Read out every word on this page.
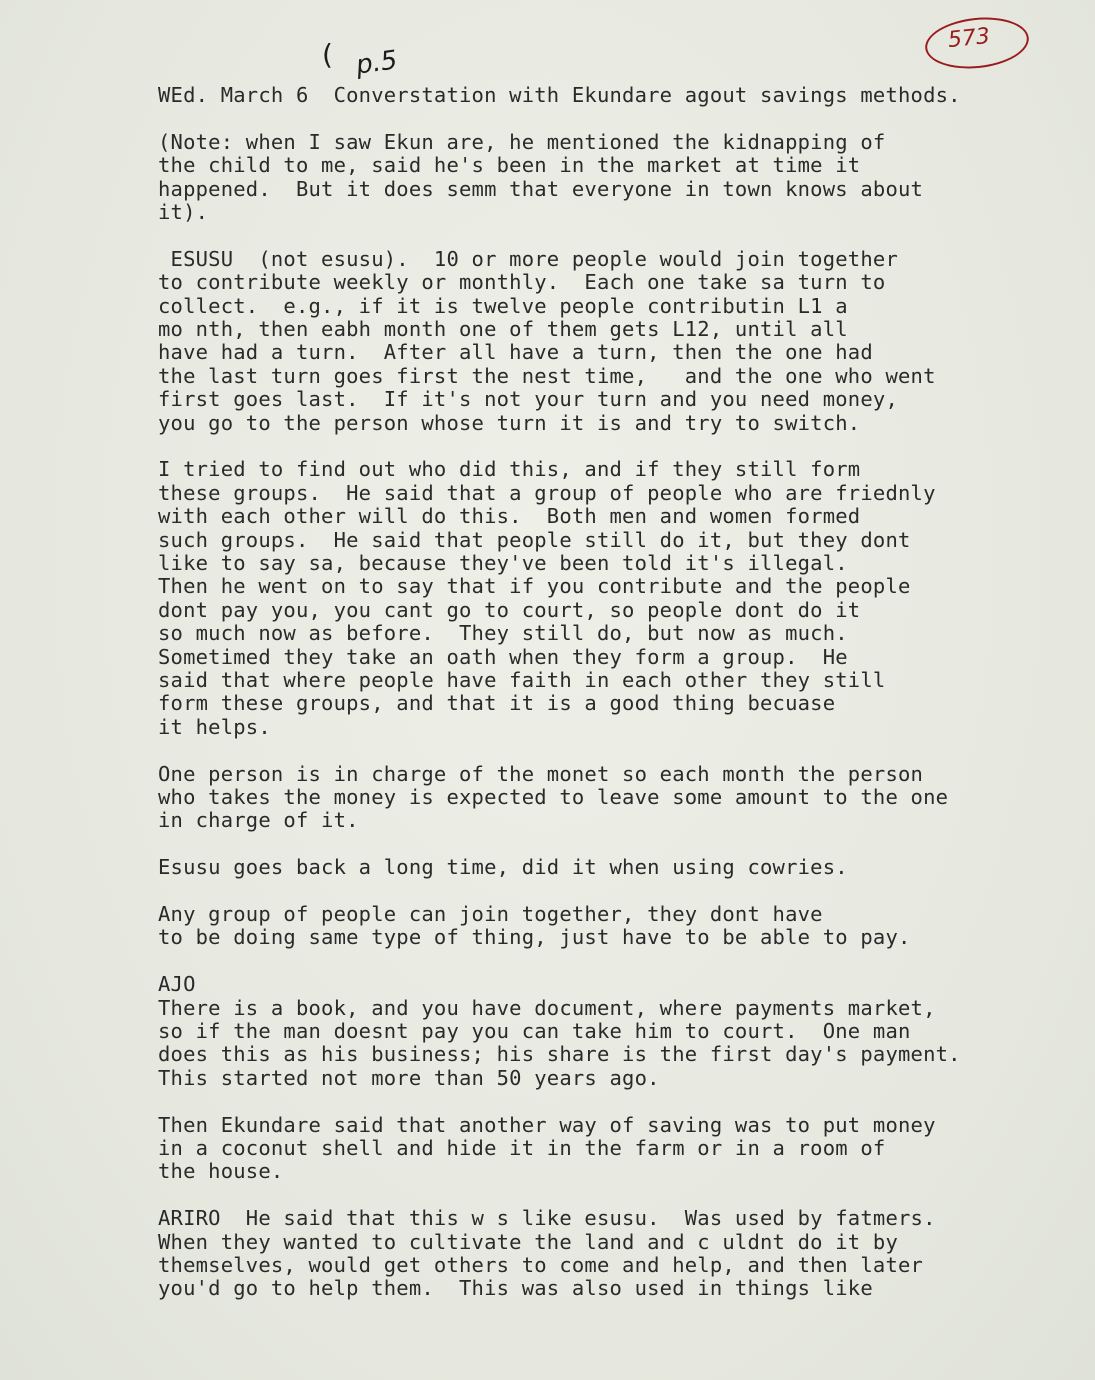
( p.5
573
WEd. March 6  Converstation with Ekundare agout savings methods.
(Note: when I saw Ekun are, he mentioned the kidnapping of
the child to me, said he's been in the market at time it
happened.  But it does semm that everyone in town knows about
it).
ESUSU  (not esusu).  10 or more people would join together
to contribute weekly or monthly.  Each one take sa turn to
collect.  e.g., if it is twelve people contributin L1 a
mo nth, then eabh month one of them gets L12, until all
have had a turn.  After all have a turn, then the one had
the last turn goes first the nest time,   and the one who went
first goes last.  If it's not your turn and you need money,
you go to the person whose turn it is and try to switch.
I tried to find out who did this, and if they still form
these groups.  He said that a group of people who are friednly
with each other will do this.  Both men and women formed
such groups.  He said that people still do it, but they dont
like to say sa, because they've been told it's illegal.
Then he went on to say that if you contribute and the people
dont pay you, you cant go to court, so people dont do it
so much now as before.  They still do, but now as much.
Sometimed they take an oath when they form a group.  He
said that where people have faith in each other they still
form these groups, and that it is a good thing becuase
it helps.
One person is in charge of the monet so each month the person
who takes the money is expected to leave some amount to the one
in charge of it.
Esusu goes back a long time, did it when using cowries.
Any group of people can join together, they dont have
to be doing same type of thing, just have to be able to pay.
AJO
There is a book, and you have document, where payments market,
so if the man doesnt pay you can take him to court.  One man
does this as his business; his share is the first day's payment.
This started not more than 50 years ago.
Then Ekundare said that another way of saving was to put money
in a coconut shell and hide it in the farm or in a room of
the house.
ARIRO  He said that this w s like esusu.  Was used by fatmers.
When they wanted to cultivate the land and c uldnt do it by
themselves, would get others to come and help, and then later
you'd go to help them.  This was also used in things like
